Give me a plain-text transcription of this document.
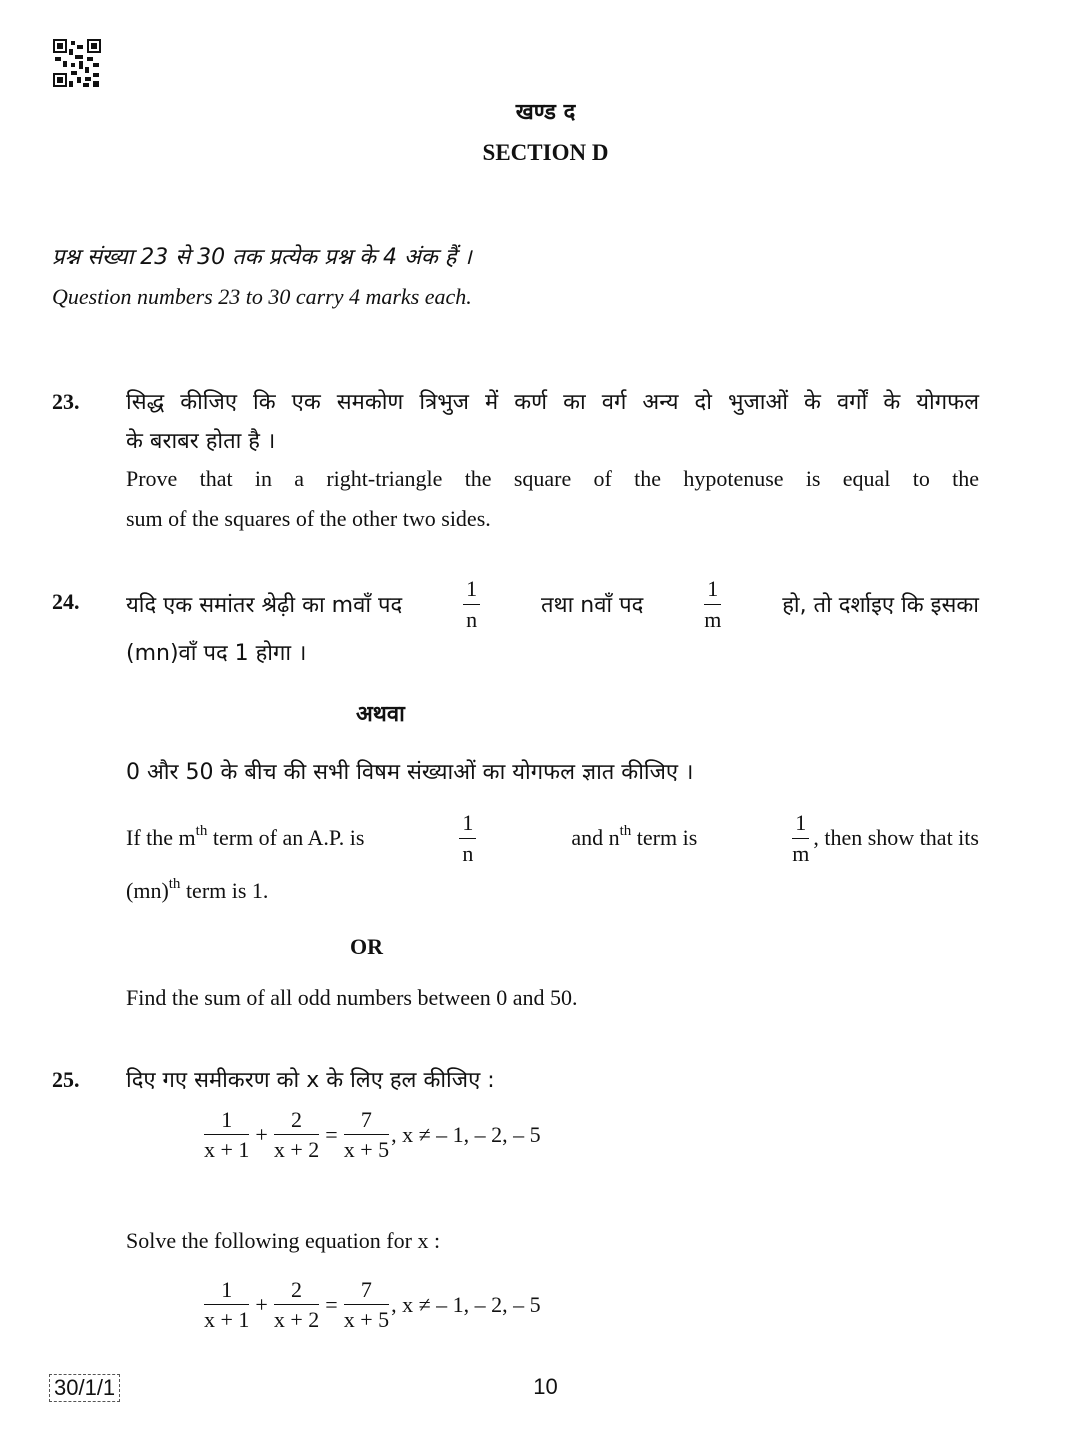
खण्ड द
SECTION D
प्रश्न संख्या 23 से 30 तक प्रत्येक प्रश्न के 4 अंक हैं ।
Question numbers 23 to 30 carry 4 marks each.
23. सिद्ध कीजिए कि एक समकोण त्रिभुज में कर्ण का वर्ग अन्य दो भुजाओं के वर्गों के योगफल
के बराबर होता है ।
Prove that in a right-triangle the square of the hypotenuse is equal to the
sum of the squares of the other two sides.
24. यदि एक समांतर श्रेढ़ी का mवाँ पद	$\frac{1}{n}$	तथा nवाँ पद	$\frac{1}{m}$	हो, तो दर्शाइए कि इसका
(mn)वाँ पद 1 होगा ।
अथवा
0 और 50 के बीच की सभी विषम संख्याओं का योगफल ज्ञात कीजिए ।
If the $m^{th}$ term of an A.P. is	$\frac{1}{n}$	and $n^{th}$ term is	$\frac{1}{m}$ , then show that its
(mn)$^{th}$ term is 1.
OR
Find the sum of all odd numbers between 0 and 50.
25. दिए गए समीकरण को x के लिए हल कीजिए :
$\frac{1}{x + 1} + \frac{2}{x + 2} = \frac{7}{x + 5}$ , x ≠ – 1, – 2, – 5
Solve the following equation for x :
$\frac{1}{x + 1} + \frac{2}{x + 2} = \frac{7}{x + 5}$ , x ≠ – 1, – 2, – 5
30/1/1	10
